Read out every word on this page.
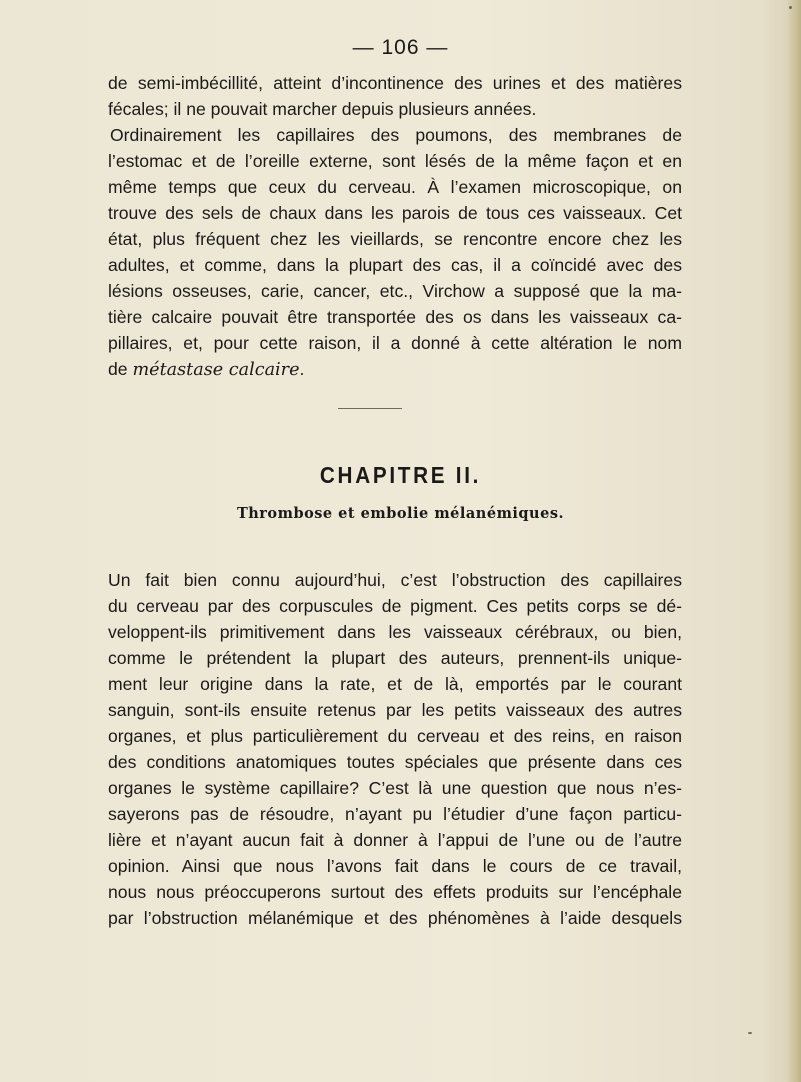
— 106 —
de semi-imbécillité, atteint d’incontinence des urines et des matières
fécales; il ne pouvait marcher depuis plusieurs années.
Ordinairement les capillaires des poumons, des membranes de
l’estomac et de l’oreille externe, sont lésés de la même façon et en
même temps que ceux du cerveau. À l’examen microscopique, on
trouve des sels de chaux dans les parois de tous ces vaisseaux. Cet
état, plus fréquent chez les vieillards, se rencontre encore chez les
adultes, et comme, dans la plupart des cas, il a coïncidé avec des
lésions osseuses, carie, cancer, etc., Virchow a supposé que la ma-
tière calcaire pouvait être transportée des os dans les vaisseaux ca-
pillaires, et, pour cette raison, il a donné à cette altération le nom
de métastase calcaire.
CHAPITRE II.
Thrombose et embolie mélanémiques.
Un fait bien connu aujourd’hui, c’est l’obstruction des capillaires
du cerveau par des corpuscules de pigment. Ces petits corps se dé-
veloppent-ils primitivement dans les vaisseaux cérébraux, ou bien,
comme le prétendent la plupart des auteurs, prennent-ils unique-
ment leur origine dans la rate, et de là, emportés par le courant
sanguin, sont-ils ensuite retenus par les petits vaisseaux des autres
organes, et plus particulièrement du cerveau et des reins, en raison
des conditions anatomiques toutes spéciales que présente dans ces
organes le système capillaire? C’est là une question que nous n’es-
sayerons pas de résoudre, n’ayant pu l’étudier d’une façon particu-
lière et n’ayant aucun fait à donner à l’appui de l’une ou de l’autre
opinion. Ainsi que nous l’avons fait dans le cours de ce travail,
nous nous préoccuperons surtout des effets produits sur l’encéphale
par l’obstruction mélanémique et des phénomènes à l’aide desquels
